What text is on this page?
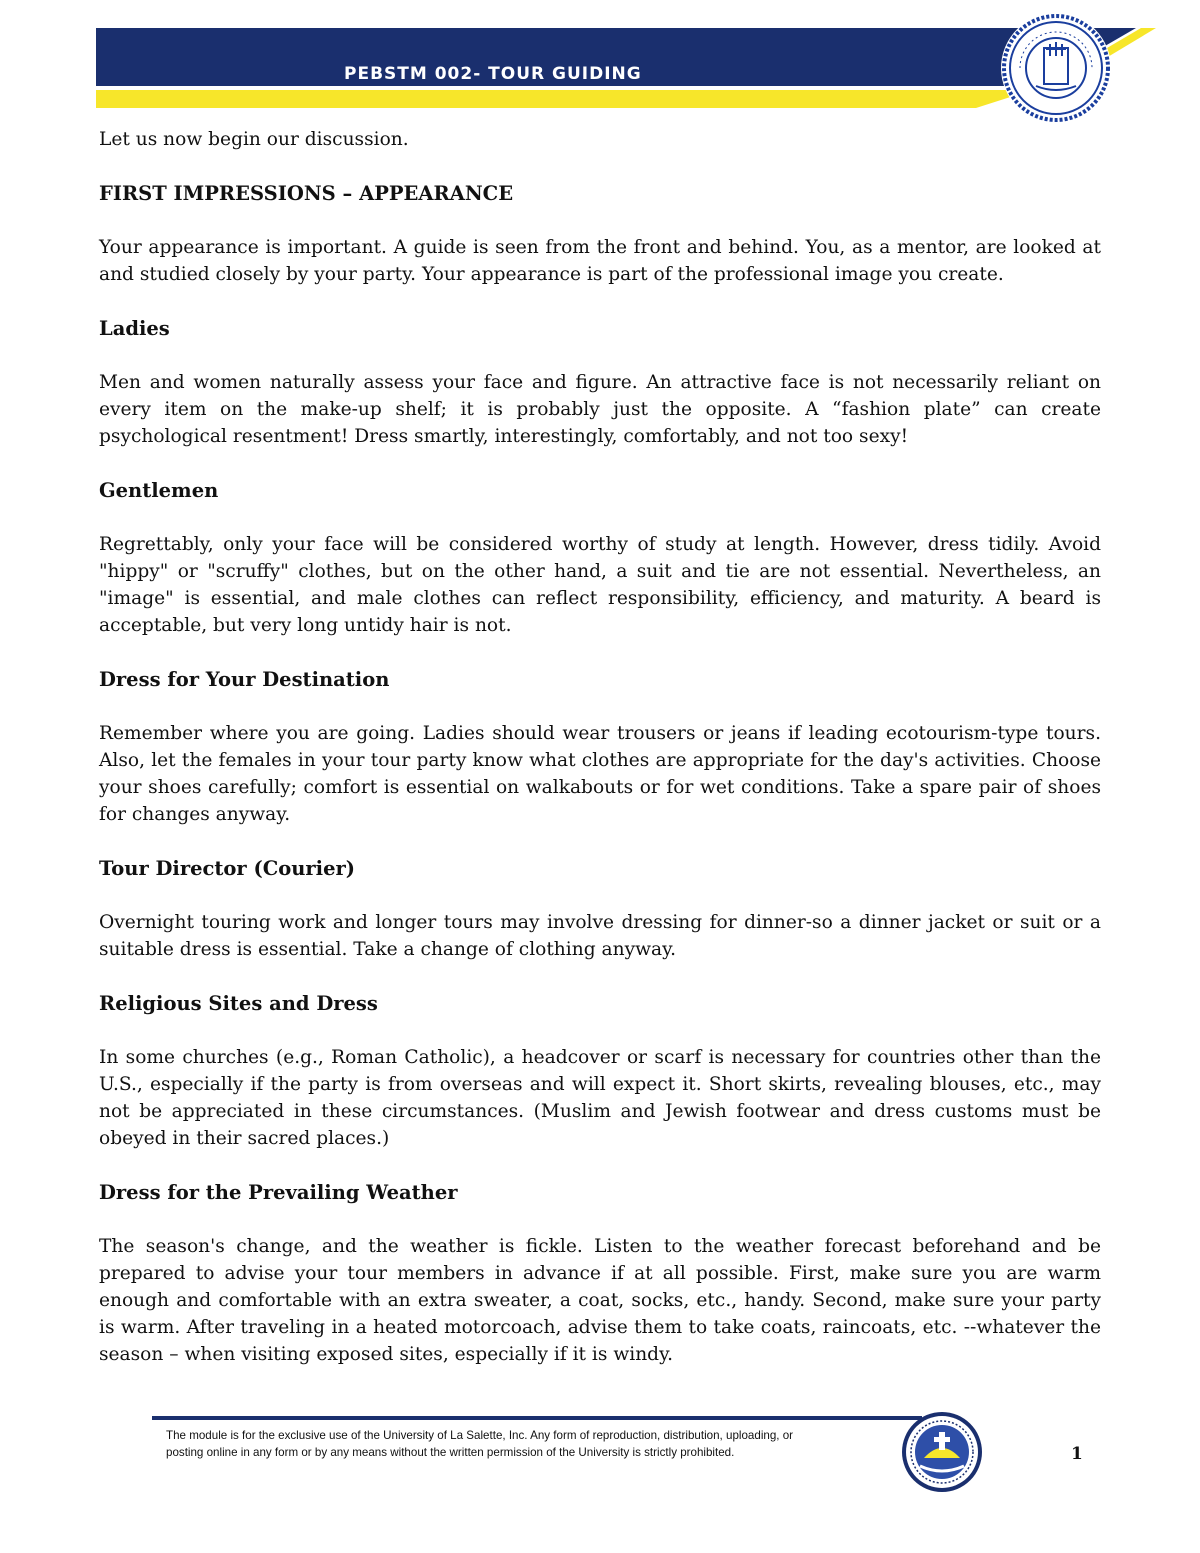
PEBSTM 002- TOUR GUIDING

Let us now begin our discussion.

FIRST IMPRESSIONS – APPEARANCE

Your appearance is important. A guide is seen from the front and behind. You, as a mentor, are looked at and studied closely by your party. Your appearance is part of the professional image you create.

Ladies

Men and women naturally assess your face and figure. An attractive face is not necessarily reliant on every item on the make-up shelf; it is probably just the opposite. A “fashion plate” can create psychological resentment! Dress smartly, interestingly, comfortably, and not too sexy!

Gentlemen

Regrettably, only your face will be considered worthy of study at length. However, dress tidily. Avoid "hippy" or "scruffy" clothes, but on the other hand, a suit and tie are not essential. Nevertheless, an "image" is essential, and male clothes can reflect responsibility, efficiency, and maturity. A beard is acceptable, but very long untidy hair is not.

Dress for Your Destination

Remember where you are going. Ladies should wear trousers or jeans if leading ecotourism-type tours. Also, let the females in your tour party know what clothes are appropriate for the day's activities. Choose your shoes carefully; comfort is essential on walkabouts or for wet conditions. Take a spare pair of shoes for changes anyway.

Tour Director (Courier)

Overnight touring work and longer tours may involve dressing for dinner-so a dinner jacket or suit or a suitable dress is essential. Take a change of clothing anyway.

Religious Sites and Dress

In some churches (e.g., Roman Catholic), a headcover or scarf is necessary for countries other than the U.S., especially if the party is from overseas and will expect it. Short skirts, revealing blouses, etc., may not be appreciated in these circumstances. (Muslim and Jewish footwear and dress customs must be obeyed in their sacred places.)

Dress for the Prevailing Weather

The season's change, and the weather is fickle. Listen to the weather forecast beforehand and be prepared to advise your tour members in advance if at all possible. First, make sure you are warm enough and comfortable with an extra sweater, a coat, socks, etc., handy. Second, make sure your party is warm. After traveling in a heated motorcoach, advise them to take coats, raincoats, etc. --whatever the season – when visiting exposed sites, especially if it is windy.

The module is for the exclusive use of the University of La Salette, Inc. Any form of reproduction, distribution, uploading, or
posting online in any form or by any means without the written permission of the University is strictly prohibited.	1
